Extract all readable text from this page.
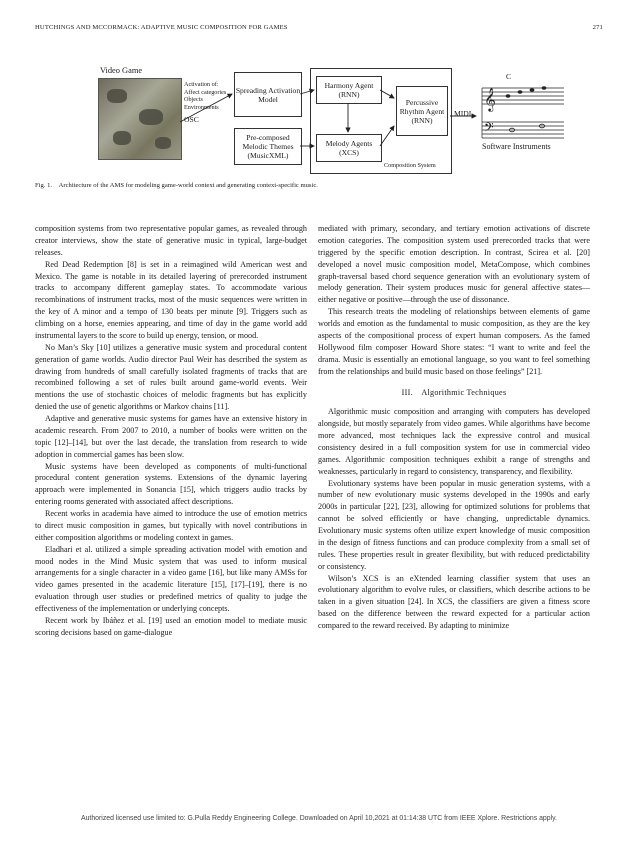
HUTCHINGS AND MCCORMACK: ADAPTIVE MUSIC COMPOSITION FOR GAMES	271
Video Game
Activation of:
Affect categories
Objects
Environments
OSC
Spreading Activation Model
Pre-composed Melodic Themes (MusicXML)
Harmony Agent (RNN)
Percussive Rhythm Agent (RNN)
Melody Agents (XCS)
Composition System
MIDI
C
𝄞
𝄢
Software Instruments
Fig. 1. Architecture of the AMS for modeling game-world context and generating context-specific music.

composition systems from two representative popular games, as revealed through creator interviews, show the state of generative music in typical, large-budget releases.

Red Dead Redemption [8] is set in a reimagined wild American west and Mexico. The game is notable in its detailed layering of prerecorded instrument tracks to accompany different gameplay states. To accommodate various recombinations of instrument tracks, most of the music sequences were written in the key of A minor and a tempo of 130 beats per minute [9]. Triggers such as climbing on a horse, enemies appearing, and time of day in the game world add instrumental layers to the score to build up energy, tension, or mood.

No Man’s Sky [10] utilizes a generative music system and procedural content generation of game worlds. Audio director Paul Weir has described the system as drawing from hundreds of small carefully isolated fragments of tracks that are recombined following a set of rules built around game-world events. Weir mentions the use of stochastic choices of melodic fragments but has explicitly denied the use of genetic algorithms or Markov chains [11].

Adaptive and generative music systems for games have an extensive history in academic research. From 2007 to 2010, a number of books were written on the topic [12]–[14], but over the last decade, the translation from research to wide adoption in commercial games has been slow.

Music systems have been developed as components of multi-functional procedural content generation systems. Extensions of the dynamic layering approach were implemented in Sonancia [15], which triggers audio tracks by entering rooms generated with associated affect descriptions.

Recent works in academia have aimed to introduce the use of emotion metrics to direct music composition in games, but typically with novel contributions in either composition algorithms or modeling context in games.

Eladhari et al. utilized a simple spreading activation model with emotion and mood nodes in the Mind Music system that was used to inform musical arrangements for a single character in a video game [16], but like many AMSs for video games presented in the academic literature [15], [17]–[19], there is no evaluation through user studies or predefined metrics of quality to judge the effectiveness of the implementation or underlying concepts.

Recent work by Ibáñez et al. [19] used an emotion model to mediate music scoring decisions based on game-dialogue

mediated with primary, secondary, and tertiary emotion activations of discrete emotion categories. The composition system used prerecorded tracks that were triggered by the specific emotion description. In contrast, Scirea et al. [20] developed a novel music composition model, MetaCompose, which combines graph-traversal based chord sequence generation with an evolutionary system of melody generation. Their system produces music for general affective states—either negative or positive—through the use of dissonance.

This research treats the modeling of relationships between elements of game worlds and emotion as the fundamental to music composition, as they are the key aspects of the compositional process of expert human composers. As the famed Hollywood film composer Howard Shore states: “I want to write and feel the drama. Music is essentially an emotional language, so you want to feel something from the relationships and build music based on those feelings” [21].

III. Algorithmic Techniques

Algorithmic music composition and arranging with computers has developed alongside, but mostly separately from video games. While algorithms have become more advanced, most techniques lack the expressive control and musical consistency desired in a full composition system for use in commercial video games. Algorithmic composition techniques exhibit a range of strengths and weaknesses, particularly in regard to consistency, transparency, and flexibility.

Evolutionary systems have been popular in music generation systems, with a number of new evolutionary music systems developed in the 1990s and early 2000s in particular [22], [23], allowing for optimized solutions for problems that cannot be solved efficiently or have changing, unpredictable dynamics. Evolutionary music systems often utilize expert knowledge of music composition in the design of fitness functions and can produce complexity from a small set of rules. These properties result in greater flexibility, but with reduced predictability or consistency.

Wilson’s XCS is an eXtended learning classifier system that uses an evolutionary algorithm to evolve rules, or classifiers, which describe actions to be taken in a given situation [24]. In XCS, the classifiers are given a fitness score based on the difference between the reward expected for a particular action compared to the reward received. By adapting to minimize

Authorized licensed use limited to: G.Pulla Reddy Engineering College. Downloaded on April 10,2021 at 01:14:38 UTC from IEEE Xplore. Restrictions apply.
